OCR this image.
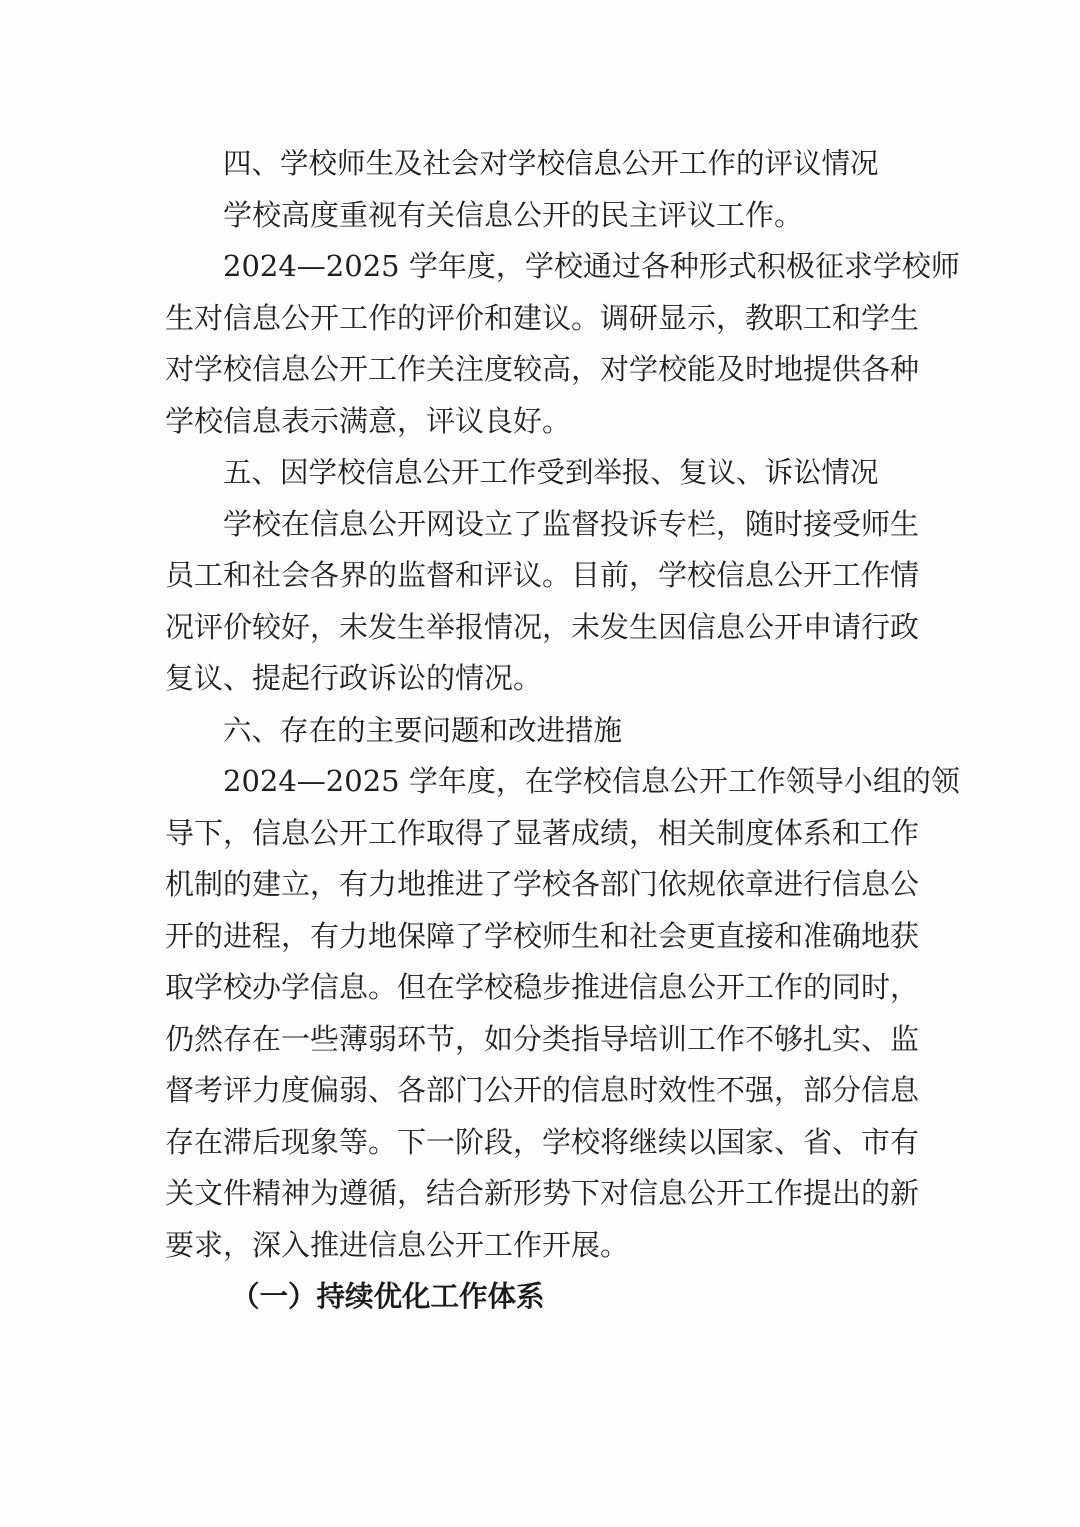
四、学校师生及社会对学校信息公开工作的评议情况
学校高度重视有关信息公开的民主评议工作。
2024—2025 学年度，学校通过各种形式积极征求学校师
生对信息公开工作的评价和建议。调研显示，教职工和学生
对学校信息公开工作关注度较高，对学校能及时地提供各种
学校信息表示满意，评议良好。
五、因学校信息公开工作受到举报、复议、诉讼情况
学校在信息公开网设立了监督投诉专栏，随时接受师生
员工和社会各界的监督和评议。目前，学校信息公开工作情
况评价较好，未发生举报情况，未发生因信息公开申请行政
复议、提起行政诉讼的情况。
六、存在的主要问题和改进措施
2024—2025 学年度，在学校信息公开工作领导小组的领
导下，信息公开工作取得了显著成绩，相关制度体系和工作
机制的建立，有力地推进了学校各部门依规依章进行信息公
开的进程，有力地保障了学校师生和社会更直接和准确地获
取学校办学信息。但在学校稳步推进信息公开工作的同时，
仍然存在一些薄弱环节，如分类指导培训工作不够扎实、监
督考评力度偏弱、各部门公开的信息时效性不强，部分信息
存在滞后现象等。下一阶段，学校将继续以国家、省、市有
关文件精神为遵循，结合新形势下对信息公开工作提出的新
要求，深入推进信息公开工作开展。
（一）持续优化工作体系
